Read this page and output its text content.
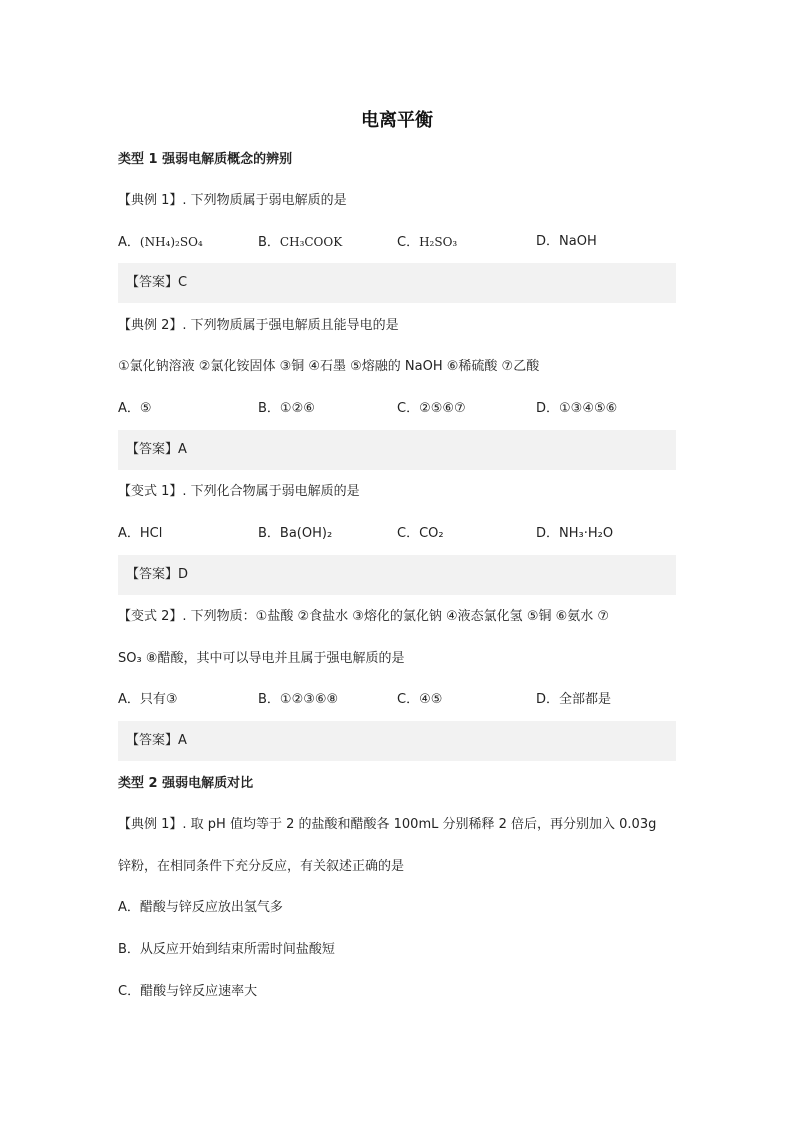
电离平衡
类型 1 强弱电解质概念的辨别
【典例 1】. 下列物质属于弱电解质的是
A．(NH₄)₂SO₄	B．CH₃COOK	C．H₂SO₃	D．NaOH
【答案】C
【典例 2】. 下列物质属于强电解质且能导电的是
①氯化钠溶液 ②氯化铵固体 ③铜 ④石墨 ⑤熔融的 NaOH ⑥稀硫酸 ⑦乙酸
A．⑤	B．①②⑥	C．②⑤⑥⑦	D．①③④⑤⑥
【答案】A
【变式 1】. 下列化合物属于弱电解质的是
A．HCl	B．Ba(OH)₂	C．CO₂	D．NH₃·H₂O
【答案】D
【变式 2】. 下列物质：①盐酸 ②食盐水 ③熔化的氯化钠 ④液态氯化氢 ⑤铜 ⑥氨水 ⑦
SO₃ ⑧醋酸，其中可以导电并且属于强电解质的是
A．只有③	B．①②③⑥⑧	C．④⑤	D．全部都是
【答案】A
类型 2 强弱电解质对比
【典例 1】. 取 pH 值均等于 2 的盐酸和醋酸各 100mL 分别稀释 2 倍后，再分别加入 0.03g
锌粉，在相同条件下充分反应，有关叙述正确的是
A．醋酸与锌反应放出氢气多
B．从反应开始到结束所需时间盐酸短
C．醋酸与锌反应速率大
